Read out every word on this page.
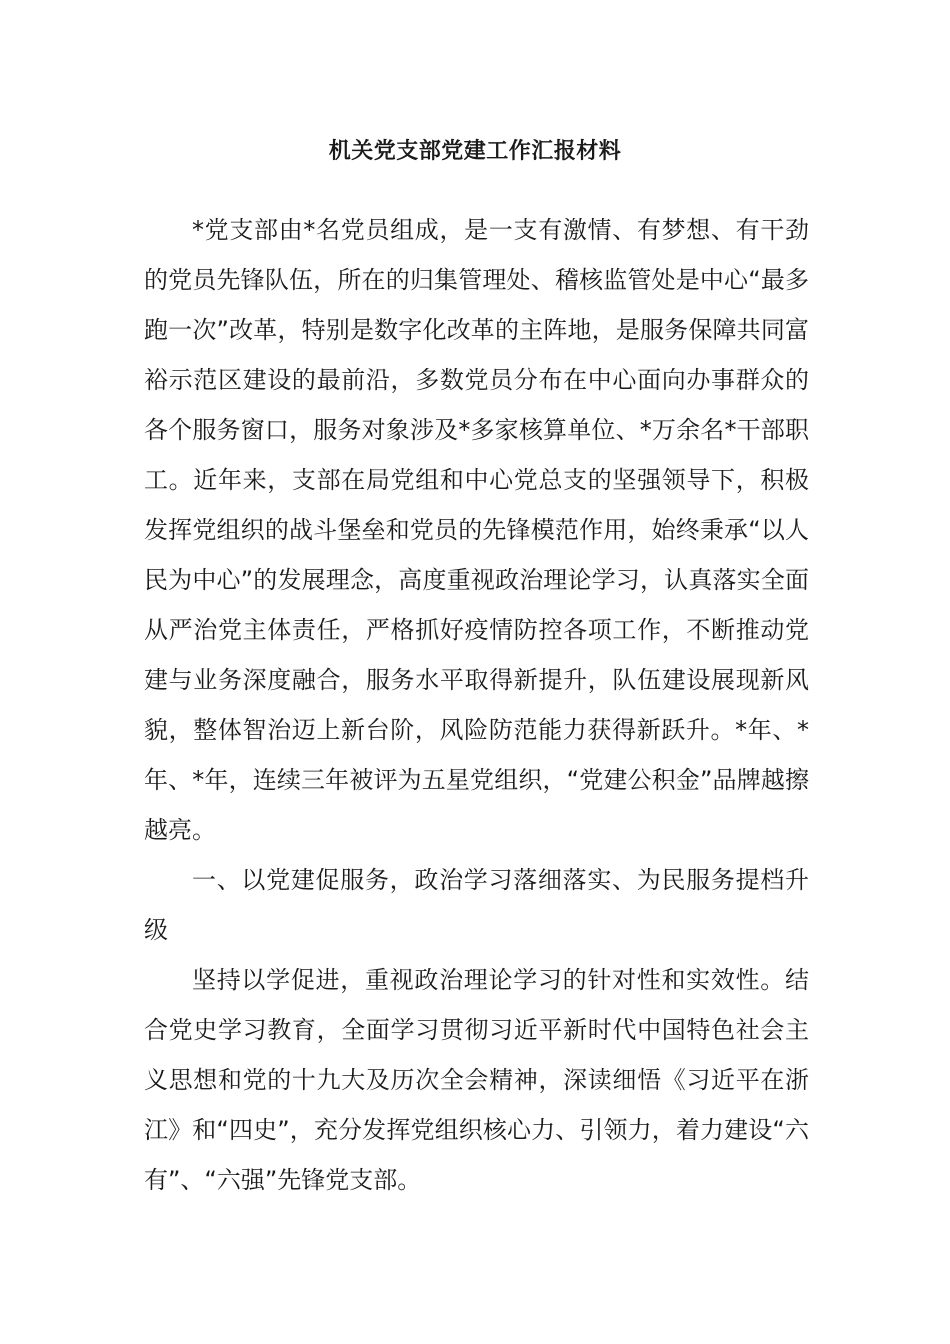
机关党支部党建工作汇报材料

*党支部由*名党员组成，是一支有激情、有梦想、有干劲的党员先锋队伍，所在的归集管理处、稽核监管处是中心“最多跑一次”改革，特别是数字化改革的主阵地，是服务保障共同富裕示范区建设的最前沿，多数党员分布在中心面向办事群众的各个服务窗口，服务对象涉及*多家核算单位、*万余名*干部职工。近年来，支部在局党组和中心党总支的坚强领导下，积极发挥党组织的战斗堡垒和党员的先锋模范作用，始终秉承“以人民为中心”的发展理念，高度重视政治理论学习，认真落实全面从严治党主体责任，严格抓好疫情防控各项工作，不断推动党建与业务深度融合，服务水平取得新提升，队伍建设展现新风貌，整体智治迈上新台阶，风险防范能力获得新跃升。*年、*年、*年，连续三年被评为五星党组织，“党建公积金”品牌越擦越亮。

一、以党建促服务，政治学习落细落实、为民服务提档升级

坚持以学促进，重视政治理论学习的针对性和实效性。结合党史学习教育，全面学习贯彻习近平新时代中国特色社会主义思想和党的十九大及历次全会精神，深读细悟《习近平在浙江》和“四史”，充分发挥党组织核心力、引领力，着力建设“六有”、“六强”先锋党支部。
